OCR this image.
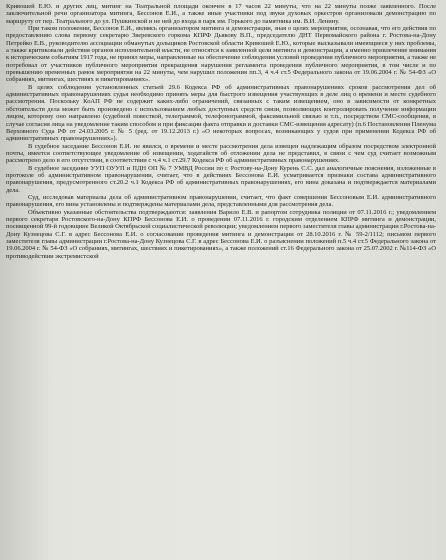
Кривошей Е.Ю. и других лиц, митинг на Театральной площади окончен в 17 часов 22 минуты, что на 22 минуты позже заявленного. После заключительной речи организатора митинга, Бессонов Е.И., а также иные участники под звуки духовых оркестров организовали демонстрацию по маршруту от пер. Театрального до ул. Пушкинской и не ней до входа в парк им. Горького до памятника им. В.И. Ленину.

При таком положении, Бессонов Е.И., являясь организатором митинга и демонстрации, зная о целях мероприятия, осознавая, что его действия по предоставлению слова первому секретарю Зверевского горкома КПРФ Дьякову В.П., председателю ДНТ Первомайского района г. Ростова-на-Дону Петрейко Е.В., руководителю ассоциации обманутых дольщиков Ростовской области Кривошей Е.Ю., которые высказывали имеющиеся у них проблемы, а также критиковали действия органов исполнительной власти, не относятся к заявленной цели митинга и демонстрации, а именно привлечение внимания к историческим событиям 1917 года, не принял меры, направленные на обеспечение соблюдения условий проведения публичного мероприятия, а также не потребовал от участников публичного мероприятия прекращения нарушения регламента проведения публичного мероприятия, в том числе и по превышению временных рамок мероприятия на 22 минуты, чем нарушил положения пп.3, 4 ч.4 ст.5 Федерального закона от 19.06.2004 г. № 54-ФЗ «О собраниях, митингах, шествиях и пикетированиях».

В целях соблюдения установленных статьей 29.6 Кодекса РФ об административных правонарушениях сроков рассмотрения дел об административных правонарушениях судья необходимо принять меры для быстрого извещения участвующих в деле лиц о времени и месте судебного рассмотрения. Поскольку КоАП РФ не содержит каких-либо ограничений, связанных с таким извещением, оно в зависимости от конкретных обстоятельств дела может быть произведено с использованием любых доступных средств связи, позволяющих контролировать получение информации лицом, которому оно направлено (судебной повесткой, телеграммой, телефонограммой, факсимильной связью и т.п., посредством СМС-сообщения, в случае согласия лица на уведомление таким способом и при фиксации факта отправки и доставки СМС-извещения адресату) (п.6 Постановления Пленума Верховного Суда РФ от 24.03.2005 г. № 5 (ред. от 19.12.2013 г.) «О некоторых вопросах, возникающих у судов при применении Кодекса РФ об административных правонарушениях»).

В судебное заседание Бессонов Е.И. не явился, о времени и месте рассмотрения дела извещен надлежащим образом посредством электронной почты, имеется соответствующее уведомление об извещении, ходатайств об отложении дела не представил, в связи с чем суд считает возможным рассмотрено дело в его отсутствии, в соответствии с ч.4 ч.1 ст.29.7 Кодекса РФ об административных правонарушениях.

В судебное заседание УУП ОУУП и ПДН ОП № 7 УМВД России по г. Ростову-на-Дону Курень С.С. дал аналогичные пояснения, изложенные в протоколе об административном правонарушении, считает, что в действиях Бессонова Е.И. усматривается признаки состава административного правонарушения, предусмотренного ст.20.2 ч.1 Кодекса РФ об административных правонарушениях, его вина доказана и подтверждается материалами дела.

Суд, исследовав материалы дела об административном правонарушении, считает, что факт совершения Бессоновым Е.И. административного правонарушения, его вина установлены и подтверждены материалами дела, представленными для рассмотрения дела.

Объективно указанные обстоятельства подтверждаются: заявления Варило Е.В. и рапортом сотрудника полиции от 07.11.2016 г.; уведомлением первого секретаря Ростовского-на-Дону КПРФ Бессонова Е.И. о проведении 07.11.2016 г. городским отделением КПРФ митинга и демонстрации, посвященной 99-й годовщине Великой Октябрьской социалистической революции; уведомлением первого заместителя главы администрации г.Ростова-на-Дону Кузнецова С.Г. в адрес Бессонова Е.И. о согласовании проведения митинга и демонстрации от 28.10.2016 г. № 59-2/1112; письмом первого заместителя главы администрации г.Ростова-на-Дону Кузнецова С.Г. в адрес Бессонова Е.И. о разъяснении положений п.5 ч.4 ст.5 Федерального закона от 19.06.2004 г. № 54-ФЗ «О собраниях, митингах, шествиях и пикетированиях», а также положений ст.16 Федерального закона от 25.07.2002 г. №114-ФЗ «О противодействии экстремистской
